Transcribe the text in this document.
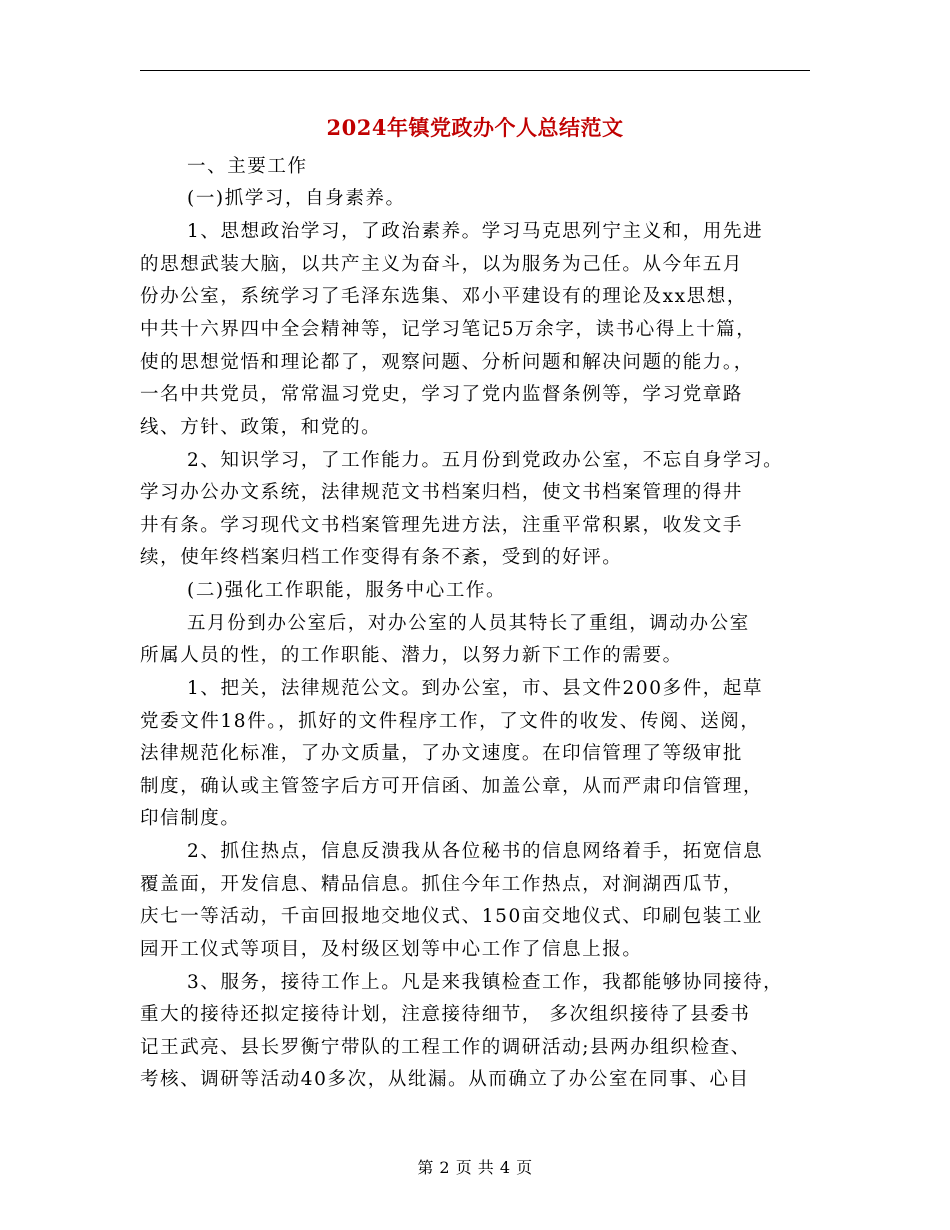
2024年镇党政办个人总结范文
一、主要工作
(一)抓学习，自身素养。
1、思想政治学习，了政治素养。学习马克思列宁主义和，用先进
的思想武装大脑，以共产主义为奋斗，以为服务为己任。从今年五月
份办公室，系统学习了毛泽东选集、邓小平建设有的理论及xx思想，
中共十六界四中全会精神等，记学习笔记5万余字，读书心得上十篇，
使的思想觉悟和理论都了，观察问题、分析问题和解决问题的能力。，
一名中共党员，常常温习党史，学习了党内监督条例等，学习党章路
线、方针、政策，和党的。
2、知识学习，了工作能力。五月份到党政办公室，不忘自身学习。
学习办公办文系统，法律规范文书档案归档，使文书档案管理的得井
井有条。学习现代文书档案管理先进方法，注重平常积累，收发文手
续，使年终档案归档工作变得有条不紊，受到的好评。
(二)强化工作职能，服务中心工作。
五月份到办公室后，对办公室的人员其特长了重组，调动办公室
所属人员的性，的工作职能、潜力，以努力新下工作的需要。
1、把关，法律规范公文。到办公室，市、县文件200多件，起草
党委文件18件。，抓好的文件程序工作，了文件的收发、传阅、送阅，
法律规范化标准，了办文质量，了办文速度。在印信管理了等级审批
制度，确认或主管签字后方可开信函、加盖公章，从而严肃印信管理，
印信制度。
2、抓住热点，信息反溃我从各位秘书的信息网络着手，拓宽信息
覆盖面，开发信息、精品信息。抓住今年工作热点，对涧湖西瓜节，
庆七一等活动，千亩回报地交地仪式、150亩交地仪式、印刷包装工业
园开工仪式等项目，及村级区划等中心工作了信息上报。
3、服务，接待工作上。凡是来我镇检查工作，我都能够协同接待，
重大的接待还拟定接待计划，注意接待细节， 多次组织接待了县委书
记王武亮、县长罗衡宁带队的工程工作的调研活动;县两办组织检查、
考核、调研等活动40多次，从纰漏。从而确立了办公室在同事、心目
第 2 页 共 4 页
